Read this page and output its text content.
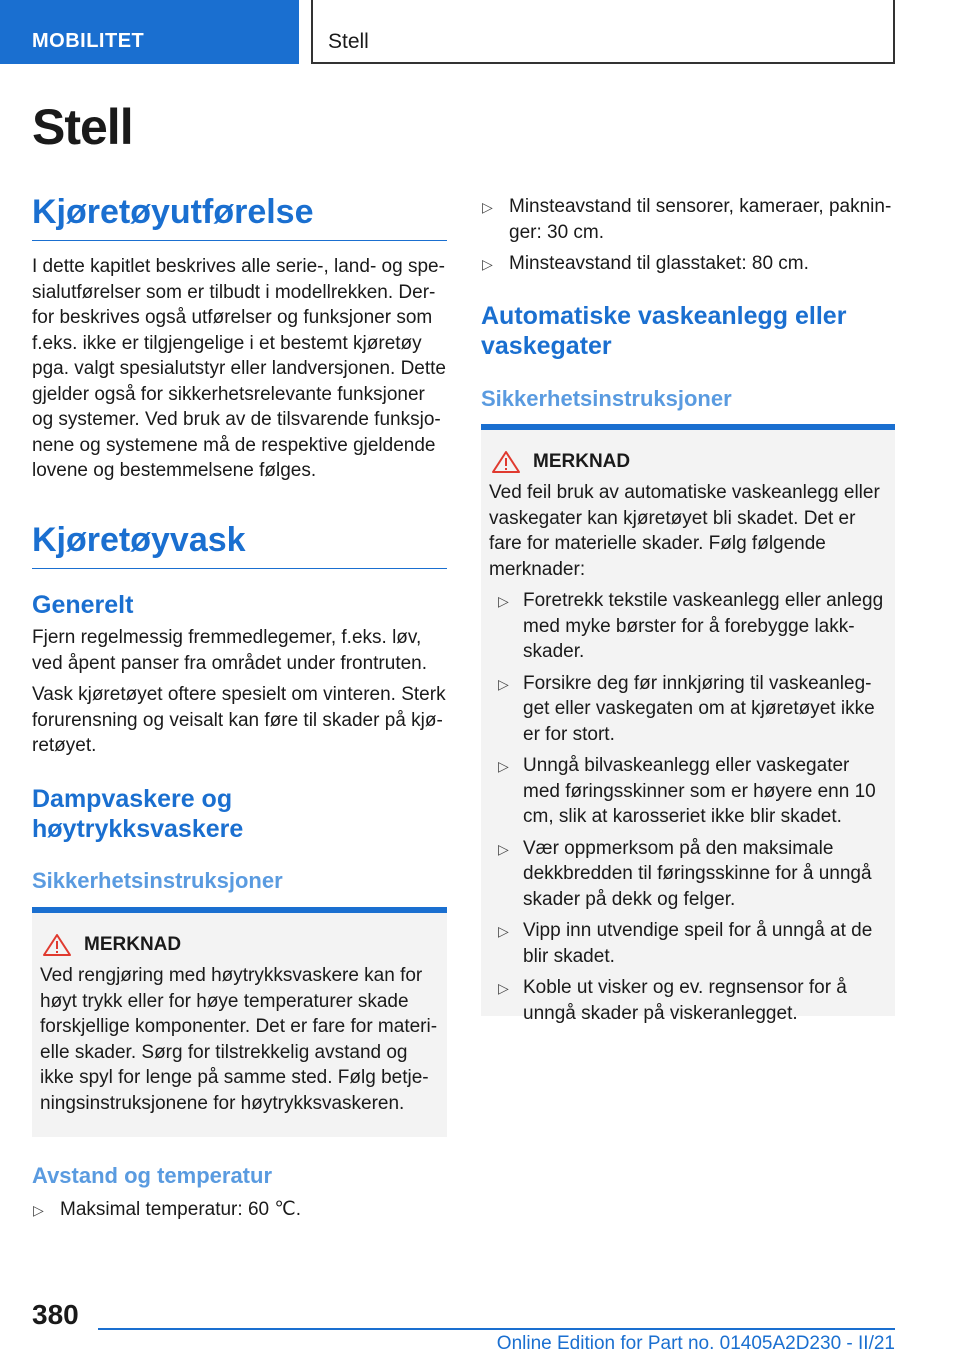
MOBILITET	Stell
Stell
Kjøretøyutførelse

I dette kapitlet beskrives alle serie-, land- og spe-sialutførelser som er tilbudt i modellrekken. Der-for beskrives også utførelser og funksjoner som f.eks. ikke er tilgjengelige i et bestemt kjøretøy pga. valgt spesialutstyr eller landversjonen. Dette gjelder også for sikkerhetsrelevante funksjoner og systemer. Ved bruk av de tilsvarende funksjo-nene og systemene må de respektive gjeldende lovene og bestemmelsene følges.

Kjøretøyvask
Generelt

Fjern regelmessig fremmedlegemer, f.eks. løv, ved åpent panser fra området under frontruten.

Vask kjøretøyet oftere spesielt om vinteren. Sterk forurensning og veisalt kan føre til skader på kjø-retøyet.

Dampvaskere og høytrykksvaskere
Sikkerhetsinstruksjoner
MERKNAD

Ved rengjøring med høytrykksvaskere kan for høyt trykk eller for høye temperaturer skade forskjellige komponenter. Det er fare for materi-elle skader. Sørg for tilstrekkelig avstand og ikke spyl for lenge på samme sted. Følg betje-ningsinstruksjonene for høytrykksvaskeren.

Avstand og temperatur
▷ Maksimal temperatur: 60 ℃.
▷ Minsteavstand til sensorer, kameraer, paknin-ger: 30 cm.
▷ Minsteavstand til glasstaket: 80 cm.
Automatiske vaskeanlegg eller vaskegater
Sikkerhetsinstruksjoner
MERKNAD

Ved feil bruk av automatiske vaskeanlegg eller vaskegater kan kjøretøyet bli skadet. Det er fare for materielle skader. Følg følgende merknader:

▷ Foretrekk tekstile vaskeanlegg eller anlegg med myke børster for å forebygge lakk-skader.
▷ Forsikre deg før innkjøring til vaskeanleg-get eller vaskegaten om at kjøretøyet ikke er for stort.
▷ Unngå bilvaskeanlegg eller vaskegater med føringsskinner som er høyere enn 10 cm, slik at karosseriet ikke blir skadet.
▷ Vær oppmerksom på den maksimale dekkbredden til føringsskinne for å unngå skader på dekk og felger.
▷ Vipp inn utvendige speil for å unngå at de blir skadet.
▷ Koble ut visker og ev. regnsensor for å unngå skader på viskeranlegget.
380
Online Edition for Part no. 01405A2D230 - II/21
